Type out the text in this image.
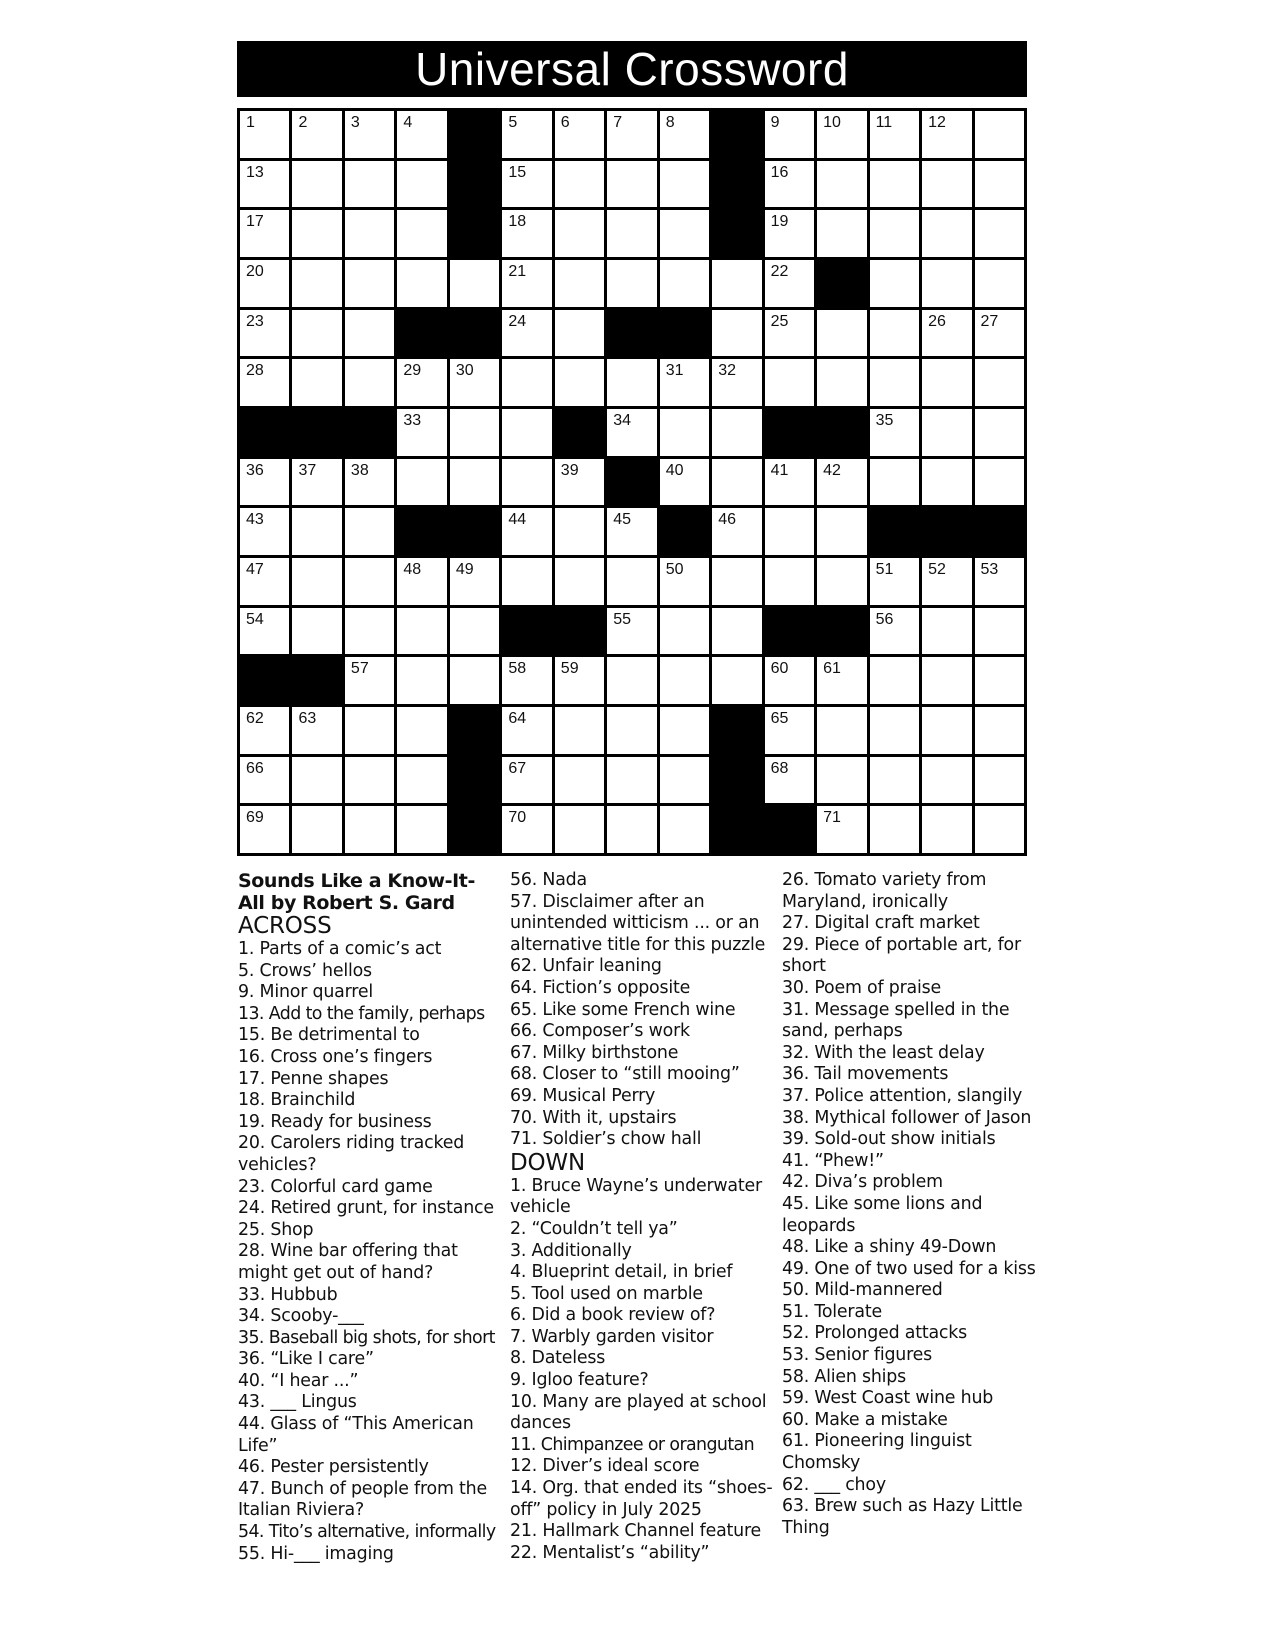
Universal Crossword
1	2	3	4	5	6	7	8	9	10 11 12
13	15	16
17	18	19
20	21	22
23	24	25	26 27
28	29 30	31 32
33	34	35
36 37 38	39	40	41 42
43	44	45	46
47	48 49	50	51 52 53
54	55	56
57	58 59	60 61
62 63	64	65
66	67	68
69	70	71

Sounds Like a Know-It-All by Robert S. Gard

ACROSS

1. Parts of a comic’s act

5. Crows’ hellos

9. Minor quarrel

13. Add to the family, perhaps

15. Be detrimental to

16. Cross one’s fingers

17. Penne shapes

18. Brainchild

19. Ready for business

20. Carolers riding tracked vehicles?

23. Colorful card game

24. Retired grunt, for instance

25. Shop

28. Wine bar offering that might get out of hand?

33. Hubbub

34. Scooby-___

35. Baseball big shots, for short

36. “Like I care”

40. “I hear ...”

43. ___ Lingus

44. Glass of “This American Life”

46. Pester persistently

47. Bunch of people from the Italian Riviera?

54. Tito’s alternative, informally

55. Hi-___ imaging

56. Nada

57. Disclaimer after an unintended witticism ... or an alternative title for this puzzle

62. Unfair leaning

64. Fiction’s opposite

65. Like some French wine

66. Composer’s work

67. Milky birthstone

68. Closer to “still mooing”

69. Musical Perry

70. With it, upstairs

71. Soldier’s chow hall

DOWN

1. Bruce Wayne’s underwater vehicle

2. “Couldn’t tell ya”

3. Additionally

4. Blueprint detail, in brief

5. Tool used on marble

6. Did a book review of?

7. Warbly garden visitor

8. Dateless

9. Igloo feature?

10. Many are played at school dances

11. Chimpanzee or orangutan

12. Diver’s ideal score

14. Org. that ended its “shoes-off” policy in July 2025

21. Hallmark Channel feature

22. Mentalist’s “ability”

26. Tomato variety from Maryland, ironically

27. Digital craft market

29. Piece of portable art, for short

30. Poem of praise

31. Message spelled in the sand, perhaps

32. With the least delay

36. Tail movements

37. Police attention, slangily

38. Mythical follower of Jason

39. Sold-out show initials

41. “Phew!”

42. Diva’s problem

45. Like some lions and leopards

48. Like a shiny 49-Down

49. One of two used for a kiss

50. Mild-mannered

51. Tolerate

52. Prolonged attacks

53. Senior figures

58. Alien ships

59. West Coast wine hub

60. Make a mistake

61. Pioneering linguist Chomsky

62. ___ choy

63. Brew such as Hazy Little Thing
